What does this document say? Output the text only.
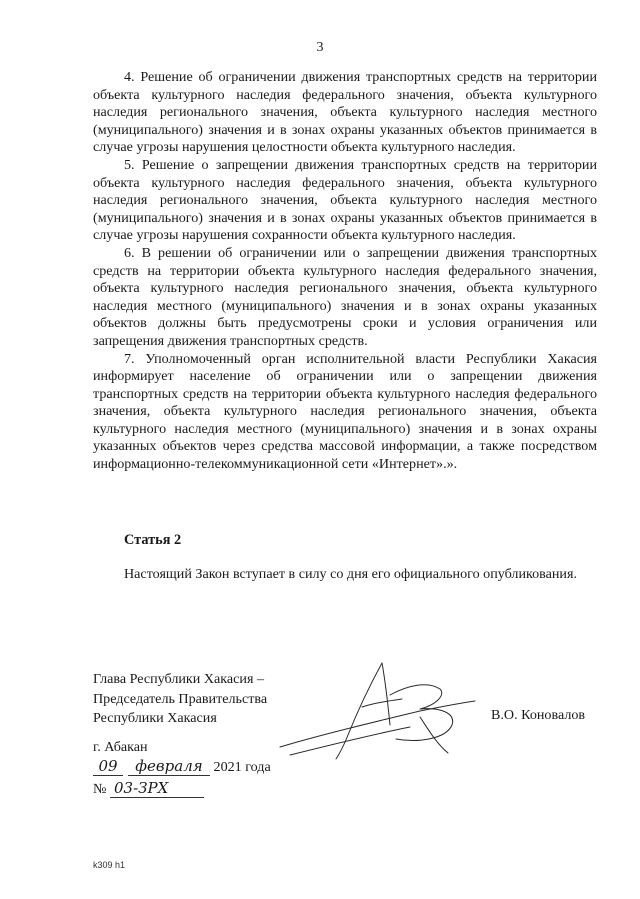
3

4. Решение об ограничении движения транспортных средств на территории объекта культурного наследия федерального значения, объекта культурного наследия регионального значения, объекта культурного наследия местного (муниципального) значения и в зонах охраны указанных объектов принимается в случае угрозы нарушения целостности объекта культурного наследия.

5. Решение о запрещении движения транспортных средств на территории объекта культурного наследия федерального значения, объекта культурного наследия регионального значения, объекта культурного наследия местного (муниципального) значения и в зонах охраны указанных объектов принимается в случае угрозы нарушения сохранности объекта культурного наследия.

6. В решении об ограничении или о запрещении движения транспортных средств на территории объекта культурного наследия федерального значения, объекта культурного наследия регионального значения, объекта культурного наследия местного (муниципального) значения и в зонах охраны указанных объектов должны быть предусмотрены сроки и условия ограничения или запрещения движения транспортных средств.

7. Уполномоченный орган исполнительной власти Республики Хакасия информирует население об ограничении или о запрещении движения транспортных средств на территории объекта культурного наследия федерального значения, объекта культурного наследия регионального значения, объекта культурного наследия местного (муниципального) значения и в зонах охраны указанных объектов через средства массовой информации, а также посредством информационно-телекоммуникационной сети «Интернет».».

Статья 2
Настоящий Закон вступает в силу со дня его официального опубликования.
Глава Республики Хакасия –
Председатель Правительства
Республики Хакасия	В.О. Коновалов
г. Абакан
09 февраля 2021 года
№ 03-ЗРХ
k309 h1
